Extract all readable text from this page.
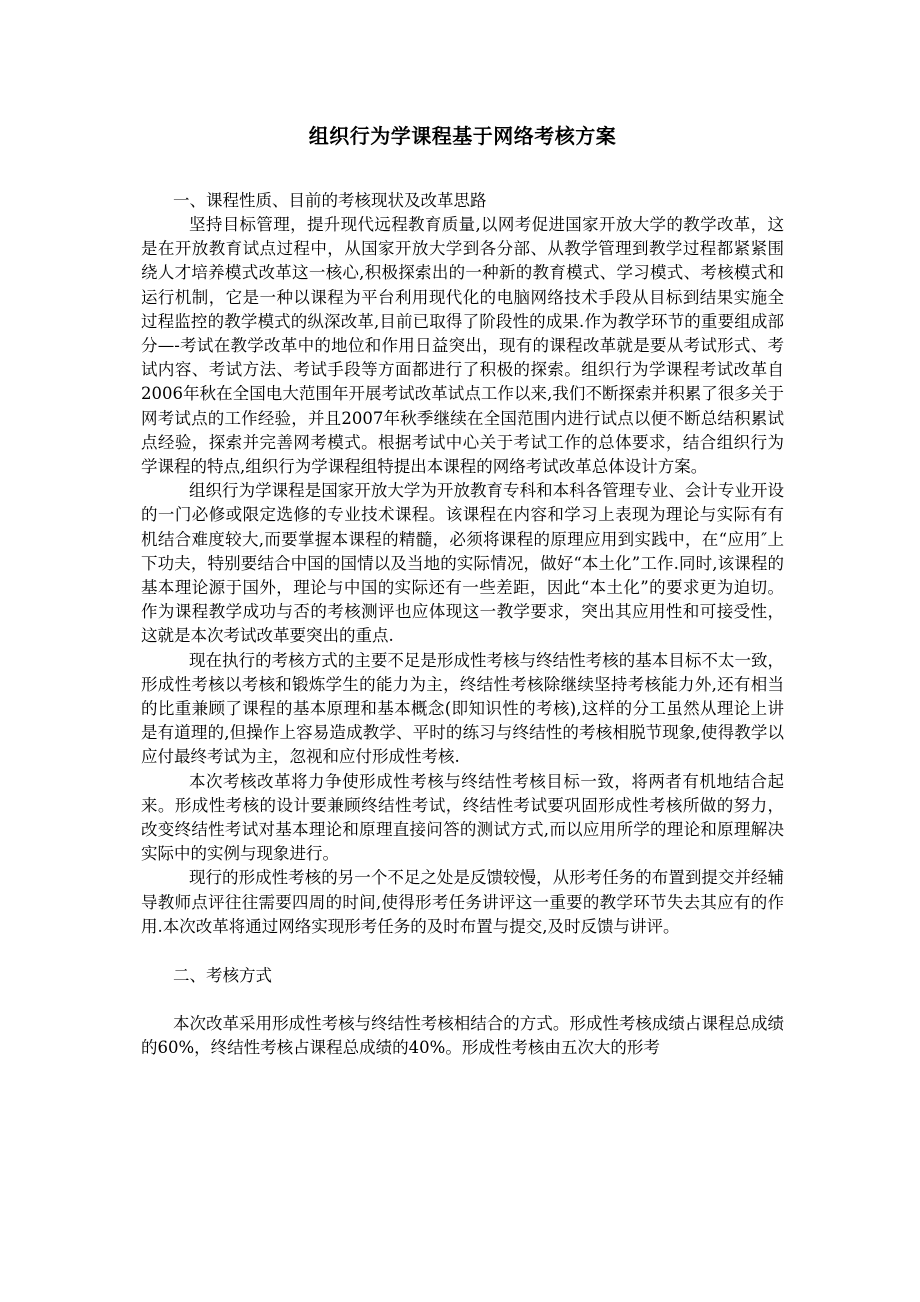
组织行为学课程基于网络考核方案

一、课程性质、目前的考核现状及改革思路

坚持目标管理，提升现代远程教育质量,以网考促进国家开放大学的教学改革，这是在开放教育试点过程中，从国家开放大学到各分部、从教学管理到教学过程都紧紧围绕人才培养模式改革这一核心,积极探索出的一种新的教育模式、学习模式、考核模式和运行机制，它是一种以课程为平台利用现代化的电脑网络技术手段从目标到结果实施全过程监控的教学模式的纵深改革,目前已取得了阶段性的成果.作为教学环节的重要组成部分—-考试在教学改革中的地位和作用日益突出，现有的课程改革就是要从考试形式、考试内容、考试方法、考试手段等方面都进行了积极的探索。组织行为学课程考试改革自2006年秋在全国电大范围年开展考试改革试点工作以来,我们不断探索并积累了很多关于网考试点的工作经验，并且2007年秋季继续在全国范围内进行试点以便不断总结积累试点经验，探索并完善网考模式。根据考试中心关于考试工作的总体要求，结合组织行为学课程的特点,组织行为学课程组特提出本课程的网络考试改革总体设计方案。

组织行为学课程是国家开放大学为开放教育专科和本科各管理专业、会计专业开设的一门必修或限定选修的专业技术课程。该课程在内容和学习上表现为理论与实际有有机结合难度较大,而要掌握本课程的精髓，必须将课程的原理应用到实践中，在“应用″上下功夫，特别要结合中国的国情以及当地的实际情况，做好“本土化”工作.同时,该课程的基本理论源于国外，理论与中国的实际还有一些差距，因此“本土化”的要求更为迫切。作为课程教学成功与否的考核测评也应体现这一教学要求，突出其应用性和可接受性，这就是本次考试改革要突出的重点.

现在执行的考核方式的主要不足是形成性考核与终结性考核的基本目标不太一致，形成性考核以考核和锻炼学生的能力为主，终结性考核除继续坚持考核能力外,还有相当的比重兼顾了课程的基本原理和基本概念(即知识性的考核),这样的分工虽然从理论上讲是有道理的,但操作上容易造成教学、平时的练习与终结性的考核相脱节现象,使得教学以应付最终考试为主，忽视和应付形成性考核.

本次考核改革将力争使形成性考核与终结性考核目标一致，将两者有机地结合起来。形成性考核的设计要兼顾终结性考试，终结性考试要巩固形成性考核所做的努力，改变终结性考试对基本理论和原理直接问答的测试方式,而以应用所学的理论和原理解决实际中的实例与现象进行。

现行的形成性考核的另一个不足之处是反馈较慢，从形考任务的布置到提交并经辅导教师点评往往需要四周的时间,使得形考任务讲评这一重要的教学环节失去其应有的作用.本次改革将通过网络实现形考任务的及时布置与提交,及时反馈与讲评。

二、考核方式

本次改革采用形成性考核与终结性考核相结合的方式。形成性考核成绩占课程总成绩的60%，终结性考核占课程总成绩的40%。形成性考核由五次大的形考
